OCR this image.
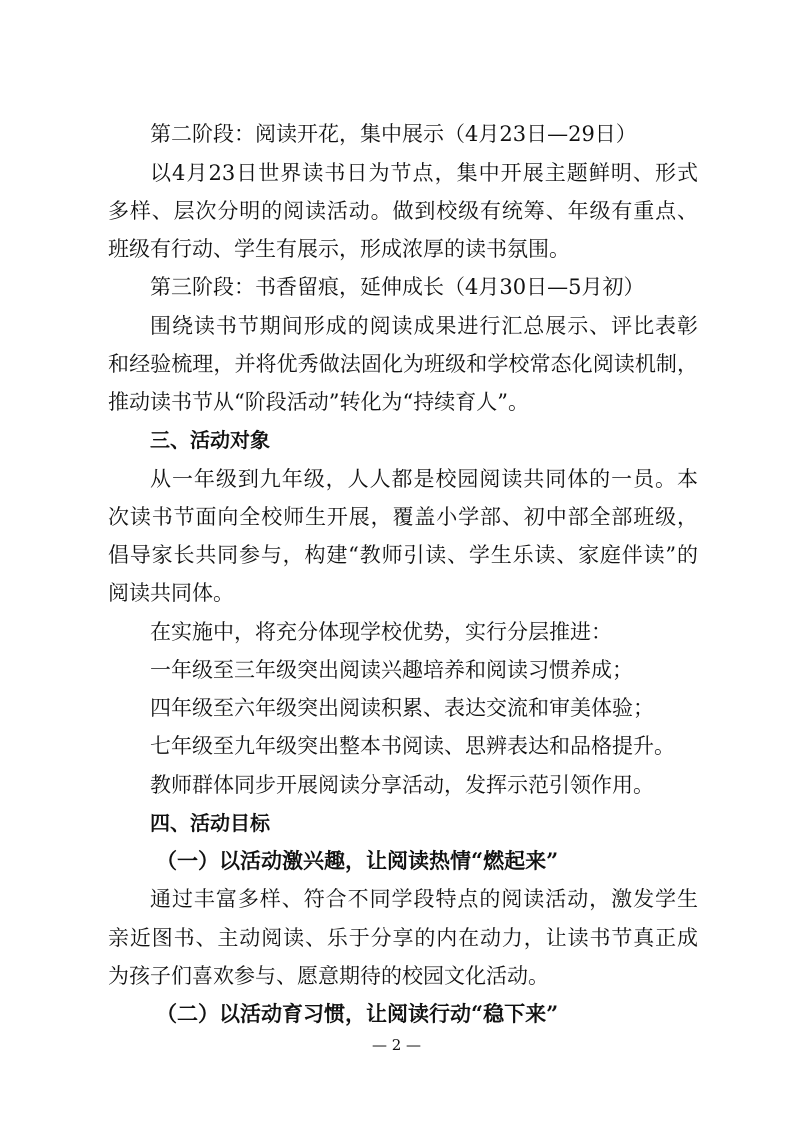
第二阶段：阅读开花，集中展示（4月23日—29日）
以4月23日世界读书日为节点，集中开展主题鲜明、形式
多样、层次分明的阅读活动。做到校级有统筹、年级有重点、
班级有行动、学生有展示，形成浓厚的读书氛围。
第三阶段：书香留痕，延伸成长（4月30日—5月初）
围绕读书节期间形成的阅读成果进行汇总展示、评比表彰
和经验梳理，并将优秀做法固化为班级和学校常态化阅读机制，
推动读书节从“阶段活动”转化为“持续育人”。
三、活动对象
从一年级到九年级，人人都是校园阅读共同体的一员。本
次读书节面向全校师生开展，覆盖小学部、初中部全部班级，
倡导家长共同参与，构建“教师引读、学生乐读、家庭伴读”的
阅读共同体。
在实施中，将充分体现学校优势，实行分层推进：
一年级至三年级突出阅读兴趣培养和阅读习惯养成；
四年级至六年级突出阅读积累、表达交流和审美体验；
七年级至九年级突出整本书阅读、思辨表达和品格提升。
教师群体同步开展阅读分享活动，发挥示范引领作用。
四、活动目标
（一）以活动激兴趣，让阅读热情“燃起来”
通过丰富多样、符合不同学段特点的阅读活动，激发学生
亲近图书、主动阅读、乐于分享的内在动力，让读书节真正成
为孩子们喜欢参与、愿意期待的校园文化活动。
（二）以活动育习惯，让阅读行动“稳下来”
— 2 —
